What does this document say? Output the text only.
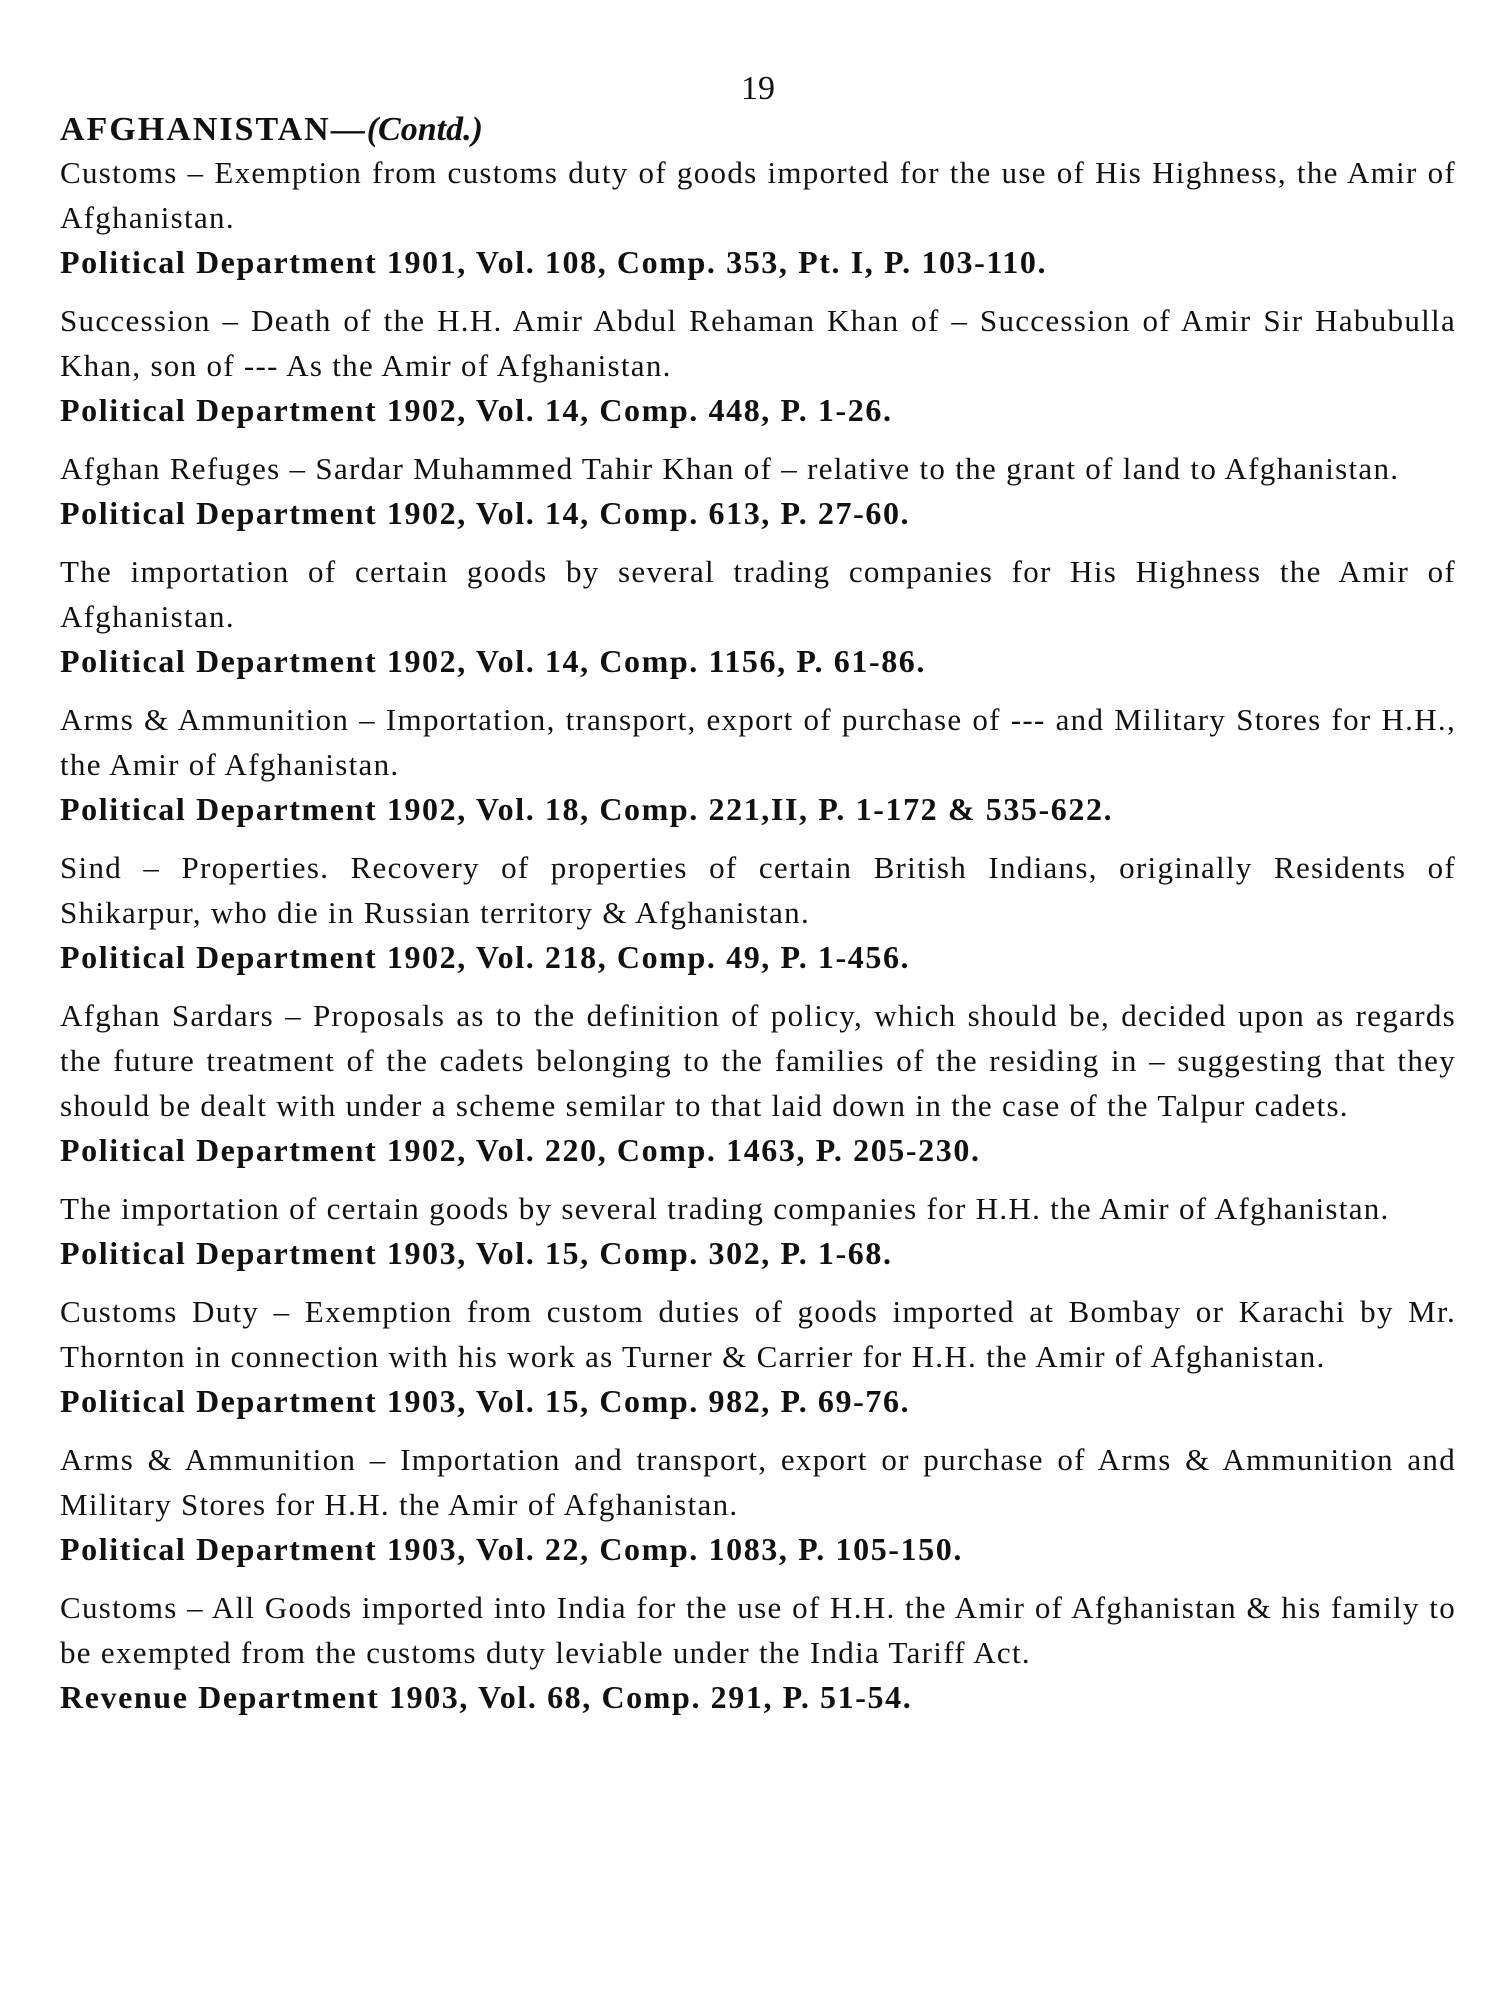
19
AFGHANISTAN—(Contd.)

Customs – Exemption from customs duty of goods imported for the use of His Highness, the Amir of Afghanistan.

Political Department 1901, Vol. 108, Comp. 353, Pt. I, P. 103-110.

Succession – Death of the H.H. Amir Abdul Rehaman Khan of – Succession of Amir Sir Habubulla Khan, son of --- As the Amir of Afghanistan.

Political Department 1902, Vol. 14, Comp. 448, P. 1-26.

Afghan Refuges – Sardar Muhammed Tahir Khan of – relative to the grant of land to Afghanistan.

Political Department 1902, Vol. 14, Comp. 613, P. 27-60.

The importation of certain goods by several trading companies for His Highness the Amir of Afghanistan.

Political Department 1902, Vol. 14, Comp. 1156, P. 61-86.

Arms & Ammunition – Importation, transport, export of purchase of --- and Military Stores for H.H., the Amir of Afghanistan.

Political Department 1902, Vol. 18, Comp. 221,II, P. 1-172 & 535-622.

Sind – Properties. Recovery of properties of certain British Indians, originally Residents of Shikarpur, who die in Russian territory & Afghanistan.

Political Department 1902, Vol. 218, Comp. 49, P. 1-456.

Afghan Sardars – Proposals as to the definition of policy, which should be, decided upon as regards the future treatment of the cadets belonging to the families of the residing in – suggesting that they should be dealt with under a scheme semilar to that laid down in the case of the Talpur cadets.

Political Department 1902, Vol. 220, Comp. 1463, P. 205-230.

The importation of certain goods by several trading companies for H.H. the Amir of Afghanistan.

Political Department 1903, Vol. 15, Comp. 302, P. 1-68.

Customs Duty – Exemption from custom duties of goods imported at Bombay or Karachi by Mr. Thornton in connection with his work as Turner & Carrier for H.H. the Amir of Afghanistan.

Political Department 1903, Vol. 15, Comp. 982, P. 69-76.

Arms & Ammunition – Importation and transport, export or purchase of Arms & Ammunition and Military Stores for H.H. the Amir of Afghanistan.

Political Department 1903, Vol. 22, Comp. 1083, P. 105-150.

Customs – All Goods imported into India for the use of H.H. the Amir of Afghanistan & his family to be exempted from the customs duty leviable under the India Tariff Act.

Revenue Department 1903, Vol. 68, Comp. 291, P. 51-54.
